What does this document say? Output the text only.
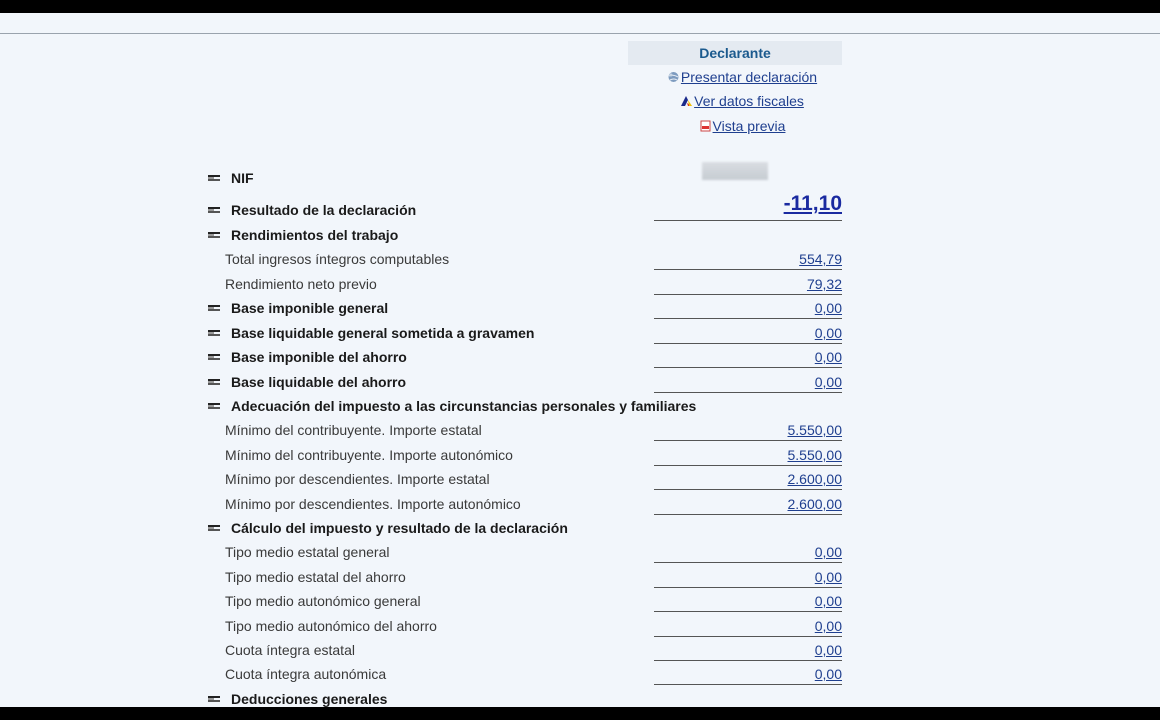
Declarante
Presentar declaración
Ver datos fiscales
Vista previa
NIF
Resultado de la declaración	-11,10
Rendimientos del trabajo
Total ingresos íntegros computables	554,79
Rendimiento neto previo	79,32
Base imponible general	0,00
Base liquidable general sometida a gravamen	0,00
Base imponible del ahorro	0,00
Base liquidable del ahorro	0,00
Adecuación del impuesto a las circunstancias personales y familiares
Mínimo del contribuyente. Importe estatal	5.550,00
Mínimo del contribuyente. Importe autonómico	5.550,00
Mínimo por descendientes. Importe estatal	2.600,00
Mínimo por descendientes. Importe autonómico	2.600,00
Cálculo del impuesto y resultado de la declaración
Tipo medio estatal general	0,00
Tipo medio estatal del ahorro	0,00
Tipo medio autonómico general	0,00
Tipo medio autonómico del ahorro	0,00
Cuota íntegra estatal	0,00
Cuota íntegra autonómica	0,00
Deducciones generales
